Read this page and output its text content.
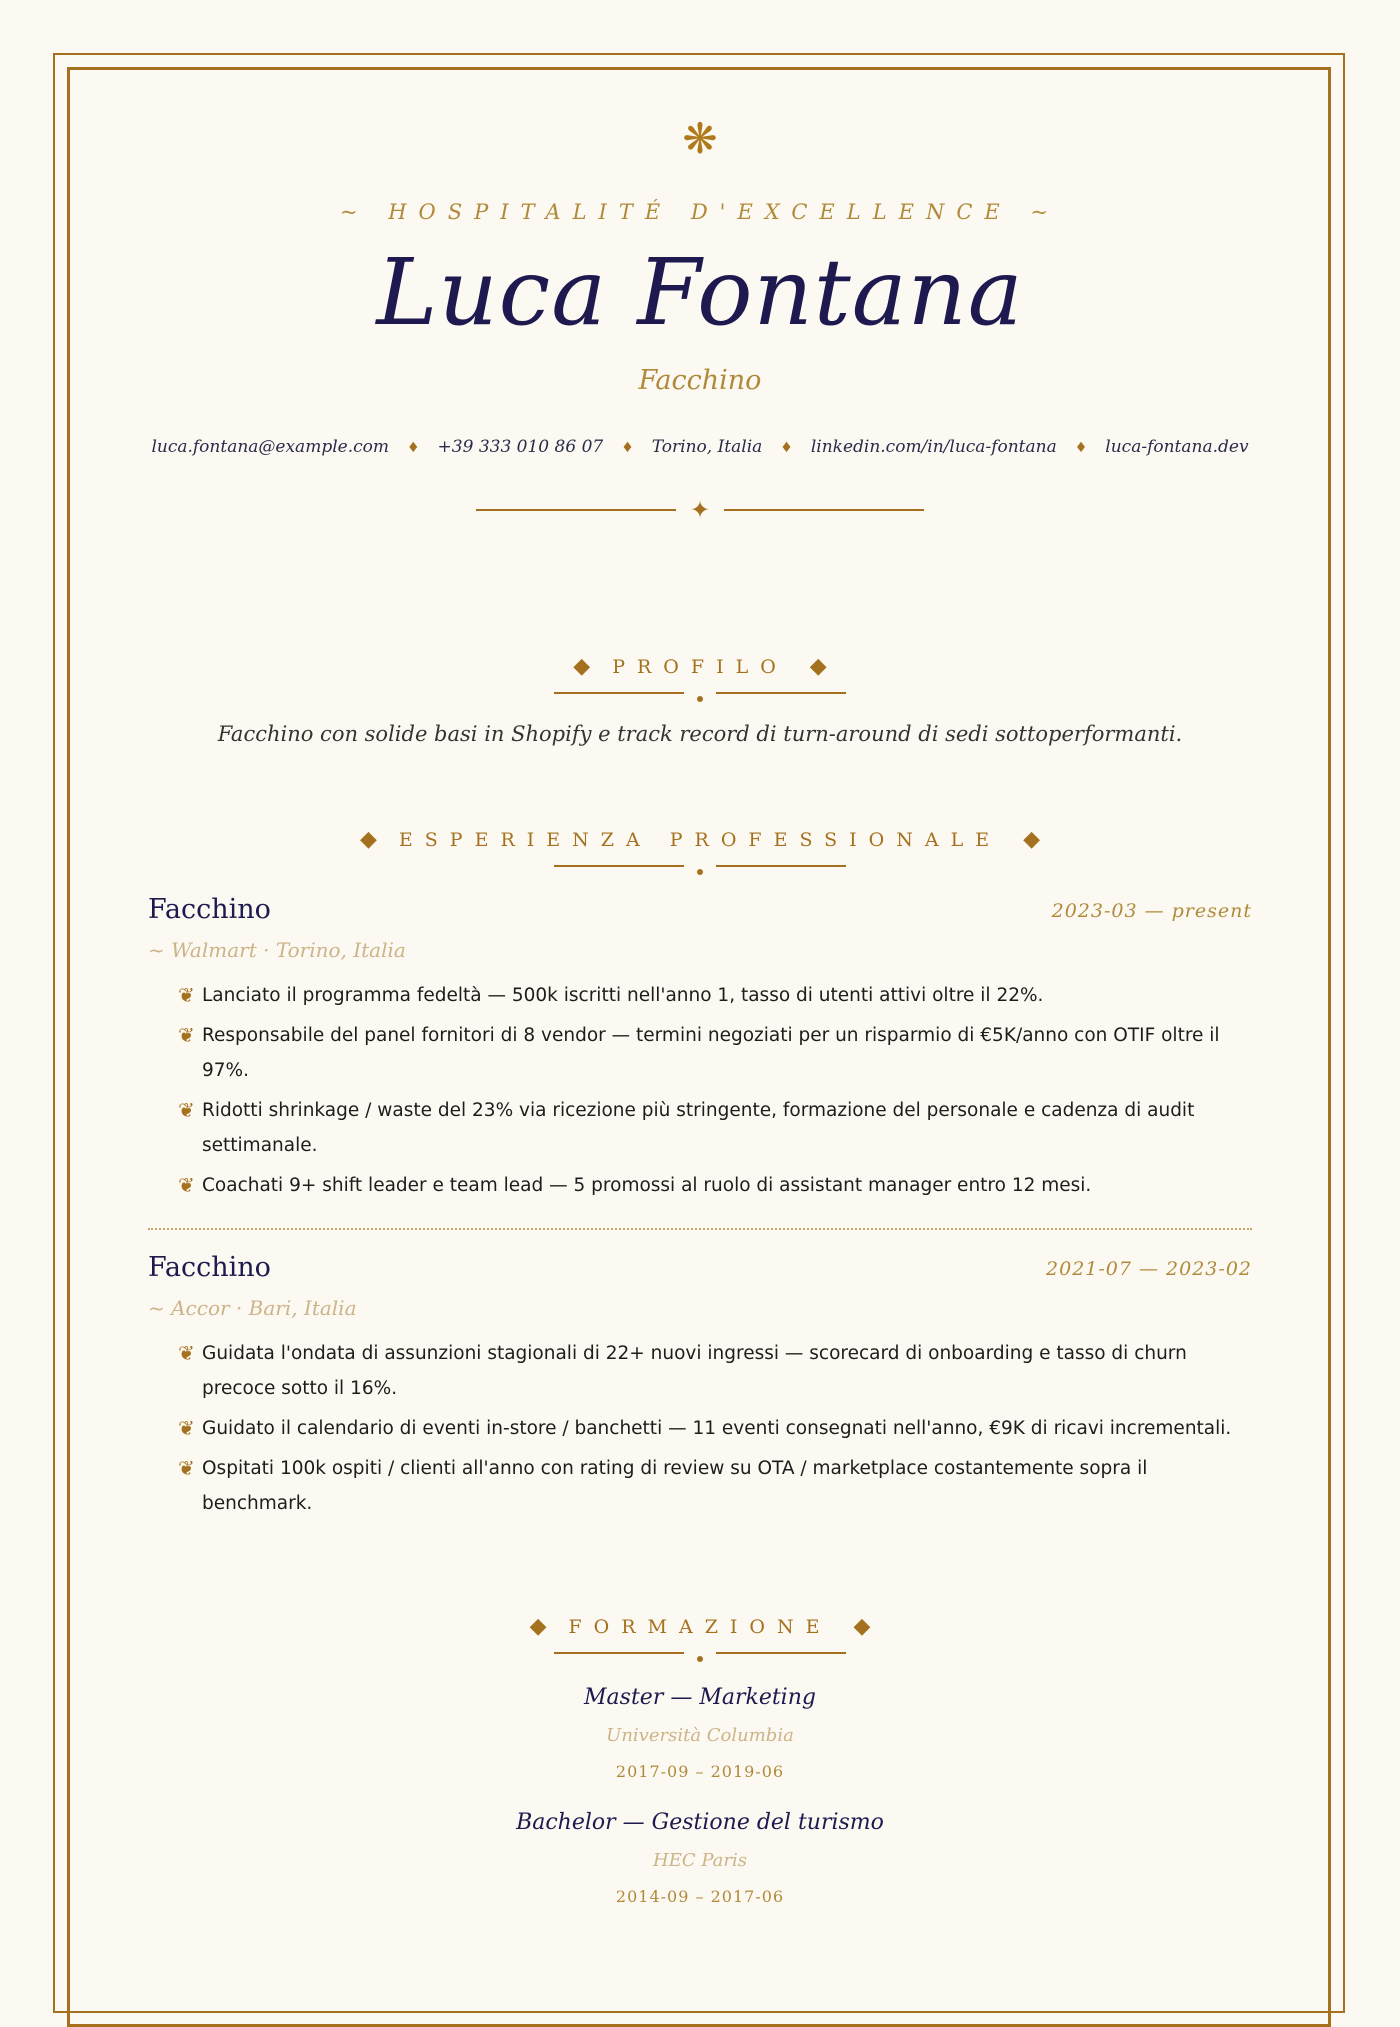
❋
~ HOSPITALITÉ D'EXCELLENCE ~
Luca Fontana
Facchino
luca.fontana@example.com ♦ +39 333 010 86 07 ♦ Torino, Italia ♦ linkedin.com/in/luca-fontana ♦ luca-fontana.dev
✦
◆ PROFILO ◆
Facchino con solide basi in Shopify e track record di turn-around di sedi sottoperformanti.
◆ ESPERIENZA PROFESSIONALE ◆
Facchino	2023-03 — present
~ Walmart · Torino, Italia
❦ Lanciato il programma fedeltà — 500k iscritti nell'anno 1, tasso di utenti attivi oltre il 22%.
❦ Responsabile del panel fornitori di 8 vendor — termini negoziati per un risparmio di €5K/anno con OTIF oltre il 97%.
❦ Ridotti shrinkage / waste del 23% via ricezione più stringente, formazione del personale e cadenza di audit settimanale.
❦ Coachati 9+ shift leader e team lead — 5 promossi al ruolo di assistant manager entro 12 mesi.
Facchino	2021-07 — 2023-02
~ Accor · Bari, Italia
❦ Guidata l'ondata di assunzioni stagionali di 22+ nuovi ingressi — scorecard di onboarding e tasso di churn precoce sotto il 16%.
❦ Guidato il calendario di eventi in-store / banchetti — 11 eventi consegnati nell'anno, €9K di ricavi incrementali.
❦ Ospitati 100k ospiti / clienti all'anno con rating di review su OTA / marketplace costantemente sopra il benchmark.
◆ FORMAZIONE ◆
Master — Marketing
Università Columbia
2017-09 – 2019-06
Bachelor — Gestione del turismo
HEC Paris
2014-09 – 2017-06
